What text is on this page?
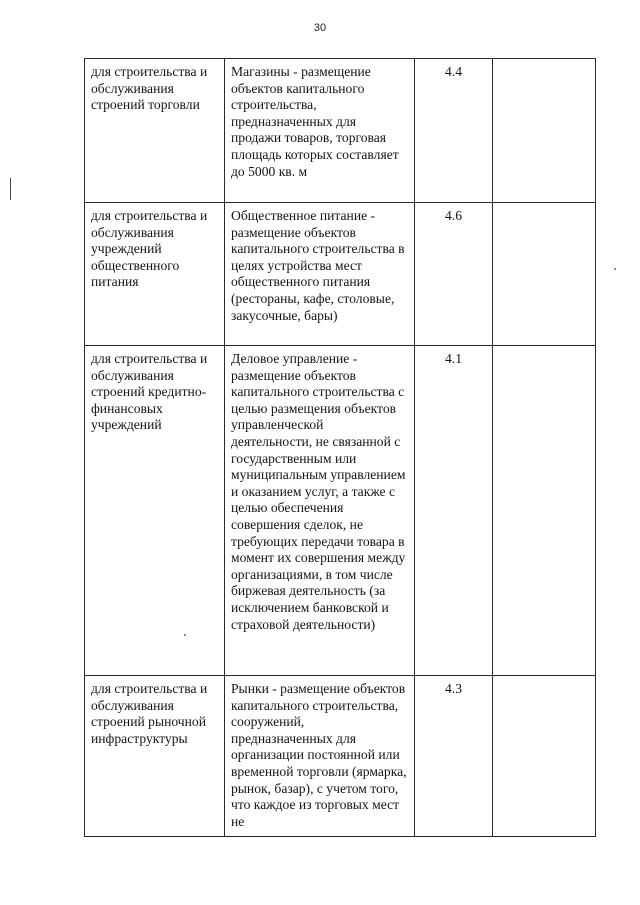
30
для строительства и обслуживания строений торговли	Магазины - размещение объектов капитального строительства, предназначенных для продажи товаров, торговая площадь которых составляет до 5000 кв. м	4.4	
для строительства и обслуживания учреждений общественного питания	Общественное питание - размещение объектов капитального строительства в целях устройства мест общественного питания (рестораны, кафе, столовые, закусочные, бары)	4.6	
для строительства и обслуживания строений кредитно-финансовых учреждений	Деловое управление - размещение объектов капитального строительства с целью размещения объектов управленческой деятельности, не связанной с государственным или муниципальным управлением и оказанием услуг, а также с целью обеспечения совершения сделок, не требующих передачи товара в момент их совершения между организациями, в том числе биржевая деятельность (за исключением банковской и страховой деятельности)	4.1	
для строительства и обслуживания строений рыночной инфраструктуры	Рынки - размещение объектов капитального строительства, сооружений, предназначенных для организации постоянной или временной торговли (ярмарка, рынок, базар), с учетом того, что каждое из торговых мест не	4.3	
